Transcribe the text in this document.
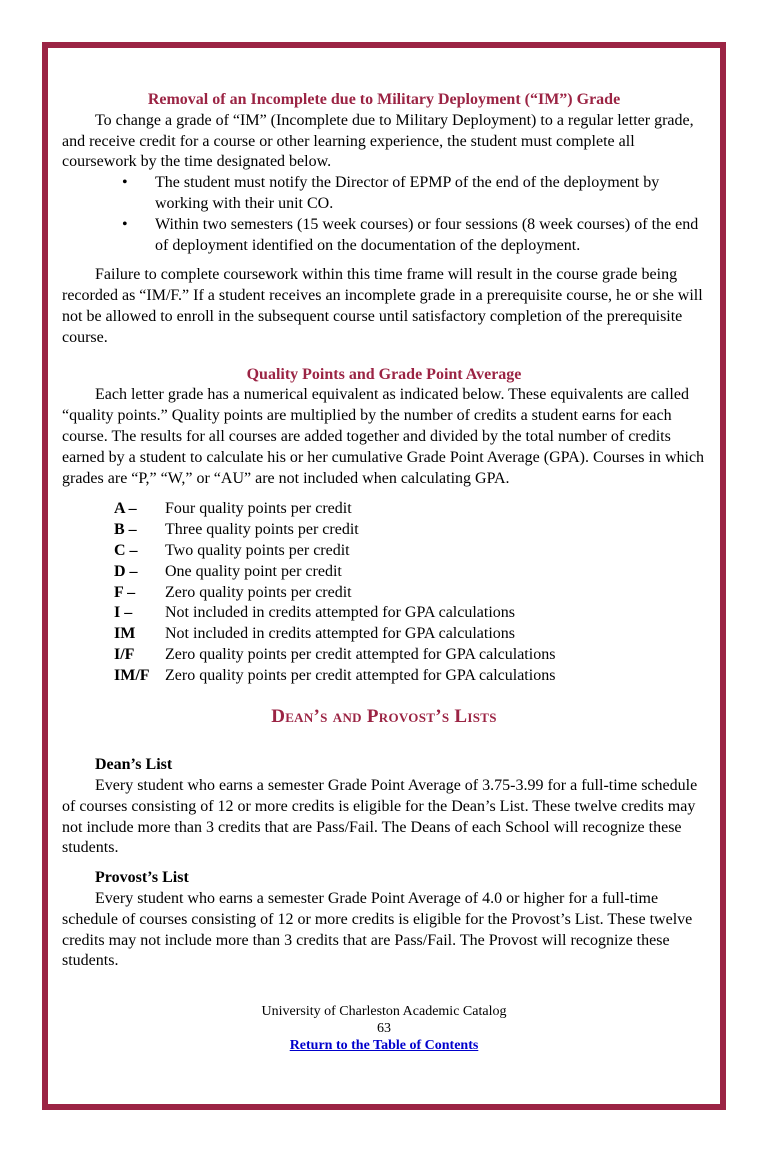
Removal of an Incomplete due to Military Deployment (“IM”) Grade

To change a grade of “IM” (Incomplete due to Military Deployment) to a regular letter grade, and receive credit for a course or other learning experience, the student must complete all coursework by the time designated below.

• The student must notify the Director of EPMP of the end of the deployment by working with their unit CO.
• Within two semesters (15 week courses) or four sessions (8 week courses) of the end of deployment identified on the documentation of the deployment.

Failure to complete coursework within this time frame will result in the course grade being recorded as “IM/F.” If a student receives an incomplete grade in a prerequisite course, he or she will not be allowed to enroll in the subsequent course until satisfactory completion of the prerequisite course.

Quality Points and Grade Point Average

Each letter grade has a numerical equivalent as indicated below. These equivalents are called “quality points.” Quality points are multiplied by the number of credits a student earns for each course. The results for all courses are added together and divided by the total number of credits earned by a student to calculate his or her cumulative Grade Point Average (GPA). Courses in which grades are “P,” “W,” or “AU” are not included when calculating GPA.

A –	Four quality points per credit
B –	Three quality points per credit
C –	Two quality points per credit
D –	One quality point per credit
F –	Zero quality points per credit
I –	Not included in credits attempted for GPA calculations
IM	Not included in credits attempted for GPA calculations
I/F	Zero quality points per credit attempted for GPA calculations
IM/F Zero quality points per credit attempted for GPA calculations
Dean’s and Provost’s Lists

Dean’s List

Every student who earns a semester Grade Point Average of 3.75-3.99 for a full-time schedule of courses consisting of 12 or more credits is eligible for the Dean’s List. These twelve credits may not include more than 3 credits that are Pass/Fail. The Deans of each School will recognize these students.

Provost’s List

Every student who earns a semester Grade Point Average of 4.0 or higher for a full-time schedule of courses consisting of 12 or more credits is eligible for the Provost’s List. These twelve credits may not include more than 3 credits that are Pass/Fail. The Provost will recognize these students.

University of Charleston Academic Catalog

63

Return to the Table of Contents
